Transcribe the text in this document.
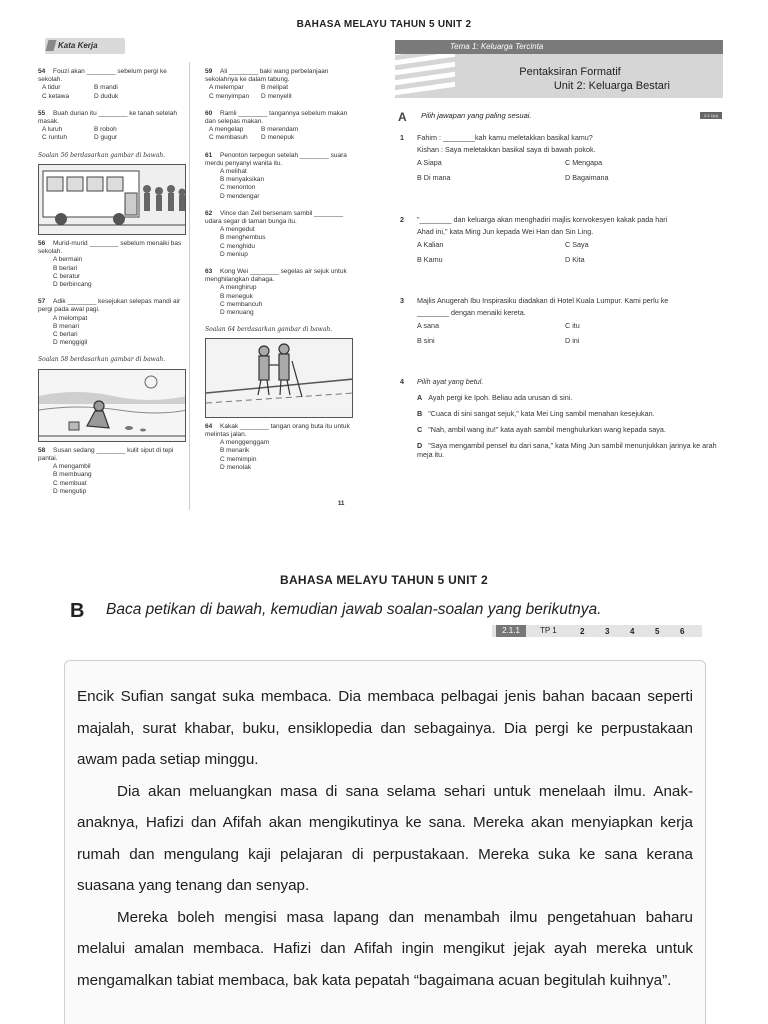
BAHASA MELAYU TAHUN 5 UNIT 2
Kata Kerja
54 Fouzi akan ________ sebelum pergi ke sekolah.
A tidur	B mandi
C ketawa	D duduk
55 Buah durian itu ________ ke tanah setelah masak.
A luruh	B roboh
C runtuh	D gugur
Soalan 56 berdasarkan gambar di bawah.
56 Murid-murid ________ sebelum menaiki bas sekolah.
A bermain
B berlari
C beratur
D berbincang
57 Adik ________ kesejukan selepas mandi air pergi pada awal pagi.
A melompat
B menari
C berlari
D menggigil
Soalan 58 berdasarkan gambar di bawah.
58 Susan sedang ________ kulit siput di tepi pantai.
A mengambil
B membuang
C membuat
D mengutip
59 Ali ________ baki wang perbelanjaan sekolahnya ke dalam tabung.
A melempar	B melipat
C menyimpan	D menyelit
60 Ramli ________ tangannya sebelum makan dan selepas makan.
A mengelap	B merendam
C membasuh	D menepuk
61 Penonton terpegun setelah ________ suara merdu penyanyi wanita itu.
A melihat
B menyaksikan
C menonton
D mendengar
62 Vince dan Zell bersenam sambil ________ udara segar di taman bunga itu.
A mengedut
B menghembus
C menghidu
D meniup
63 Kong Wei ________ segelas air sejuk untuk menghilangkan dahaga.
A menghirup
B meneguk
C membancuh
D menuang
Soalan 64 berdasarkan gambar di bawah.
64 Kakak ________ tangan orang buta itu untuk melintas jalan.
A menggenggam
B menarik
C memimpin
D menolak
Tema 1: Keluarga Tercinta
Pentaksiran Formatif
Unit 2: Keluarga Bestari
A	Pilih jawapan yang paling sesuai.	2.1.1(d)
1 Fahim : ________kah kamu meletakkan basikal kamu?
Kishan : Saya meletakkan basikal saya di bawah pokok.
A Siapa	C Mengapa
B Di mana	D Bagaimana
2 "________ dan keluarga akan menghadiri majlis konvokesyen kakak pada hari
Ahad ini," kata Ming Jun kepada Wei Han dan Sin Ling.
A Kalian	C Saya
B Kamu	D Kita
3 Majlis Anugerah Ibu Inspirasiku diadakan di Hotel Kuala Lumpur. Kami perlu ke
________ dengan menaiki kereta.
A sana	C itu
B sini	D ini
4 Pilih ayat yang betul.
A Ayah pergi ke Ipoh. Beliau ada urusan di sini.
B "Cuaca di sini sangat sejuk," kata Mei Ling sambil menahan kesejukan.
C "Nah, ambil wang itu!" kata ayah sambil menghulurkan wang kepada saya.
D "Saya mengambil pensel itu dari sana," kata Ming Jun sambil menunjukkan jarinya ke arah meja itu.
11
BAHASA MELAYU TAHUN 5 UNIT 2
B Baca petikan di bawah, kemudian jawab soalan-soalan yang berikutnya.
2.1.1	TP 1	2	3	4	5	6

Encik Sufian sangat suka membaca. Dia membaca pelbagai jenis bahan bacaan seperti majalah, surat khabar, buku, ensiklopedia dan sebagainya. Dia pergi ke perpustakaan awam pada setiap minggu.

Dia akan meluangkan masa di sana selama sehari untuk menelaah ilmu. Anak-anaknya, Hafizi dan Afifah akan mengikutinya ke sana. Mereka akan menyiapkan kerja rumah dan mengulang kaji pelajaran di perpustakaan. Mereka suka ke sana kerana suasana yang tenang dan senyap.

Mereka boleh mengisi masa lapang dan menambah ilmu pengetahuan baharu melalui amalan membaca. Hafizi dan Afifah ingin mengikut jejak ayah mereka untuk mengamalkan tabiat membaca, bak kata pepatah “bagaimana acuan begitulah kuihnya”.
